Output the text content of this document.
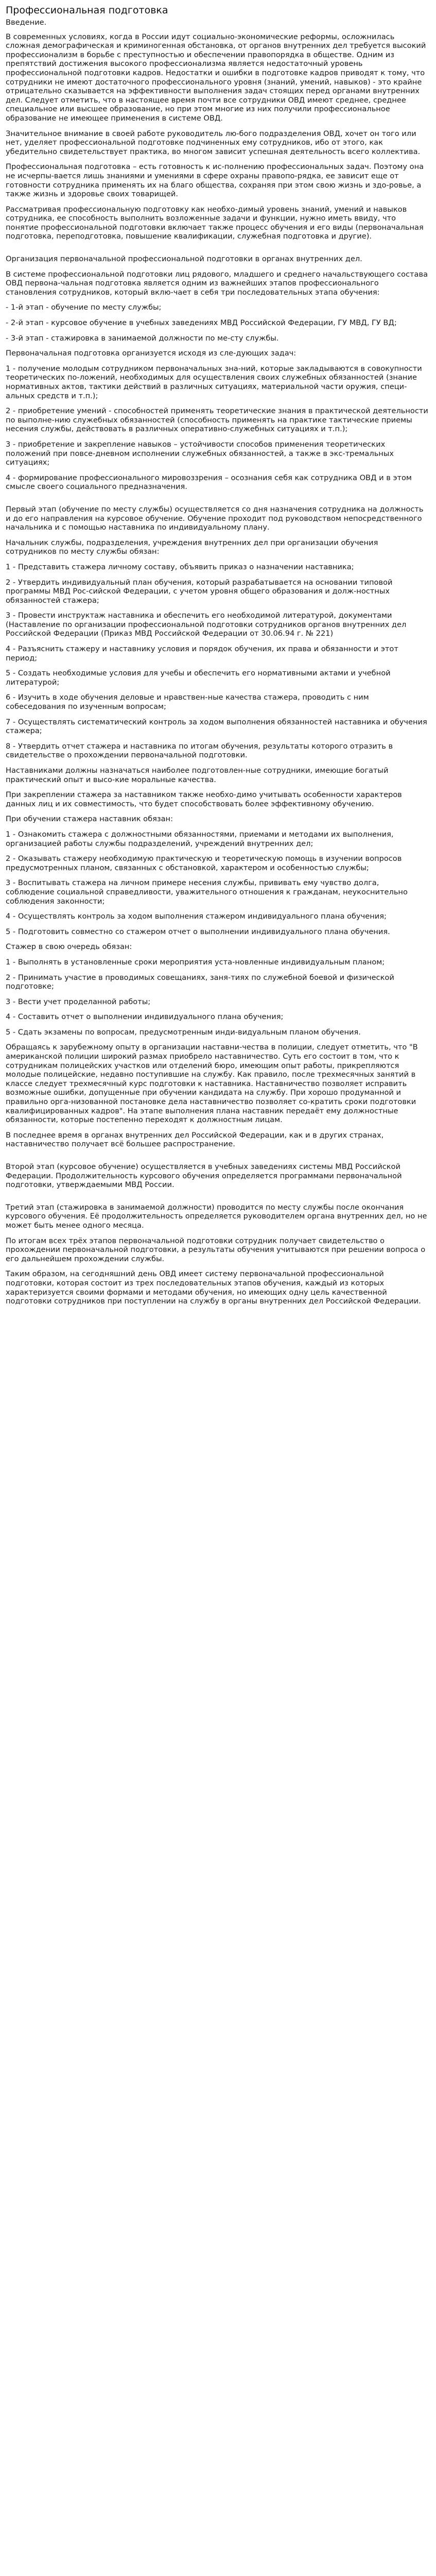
Профессиональная подготовка
Введение.

В современных условиях, когда в России идут социально-экономические реформы, осложнилась сложная демографическая и криминогенная обстановка, от органов внутренних дел требуется высокий профессионализм в борьбе с преступностью и обеспечении правопорядка в обществе. Одним из препятствий достижения высокого профессионализма является недостаточный уровень профессиональной подготовки кадров. Недостатки и ошибки в подготовке кадров приводят к тому, что сотрудники не имеют достаточного профессионального уровня (знаний, умений, навыков) - это крайне отрицательно сказывается на эффективности выполнения задач стоящих перед органами внутренних дел. Следует отметить, что в настоящее время почти все сотрудники ОВД имеют среднее, среднее специальное или высшее образование, но при этом многие из них получили профессиональное образование не имеющее применения в системе ОВД.

Значительное внимание в своей работе руководитель лю-бого подразделения ОВД, хочет он того или нет, уделяет профессиональной подготовке подчиненных ему сотрудников, ибо от этого, как убедительно свидетельствует практика, во многом зависит успешная деятельность всего коллектива.

Профессиональная подготовка – есть готовность к ис-полнению профессиональных задач. Поэтому она не исчерпы-вается лишь знаниями и умениями в сфере охраны правопо-рядка, ее зависит еще от готовности сотрудника применять их на благо общества, сохраняя при этом свою жизнь и здо-ровье, а также жизнь и здоровье своих товарищей.

Рассматривая профессиональную подготовку как необхо-димый уровень знаний, умений и навыков сотрудника, ее способность выполнить возложенные задачи и функции, нужно иметь ввиду, что понятие профессиональной подготовки включает также процесс обучения и его виды (первоначальная подготовка, переподготовка, повышение квалификации, служебная подготовка и другие).

Организация первоначальной профессиональной подготовки в органах внутренних дел.

В системе профессиональной подготовки лиц рядового, младшего и среднего начальствующего состава ОВД первона-чальная подготовка является одним из важнейших этапов профессионального становления сотрудников, который вклю-чает в себя три последовательных этапа обучения:

- 1-й этап - обучение по месту службы;

- 2-й этап - курсовое обучение в учебных заведениях МВД Российской Федерации, ГУ МВД, ГУ ВД;

- 3-й этап - стажировка в занимаемой должности по ме-сту службы.

Первоначальная подготовка организуется исходя из сле-дующих задач:

1 - получение молодым сотрудником первоначальных зна-ний, которые закладываются в совокупности теоретических по-ложений, необходимых для осуществления своих служебных обязанностей (знание нормативных актов, тактики действий в различных ситуациях, материальной части оружия, специ-альных средств и т.п.);

2 - приобретение умений - способностей применять теоретические знания в практической деятельности по выполне-нию служебных обязанностей (способность применять на практике тактические приемы несения службы, действовать в различных оперативно-служебных ситуациях и т.п.);

3 - приобретение и закрепление навыков – устойчивости способов применения теоретических положений при повсе-дневном исполнении служебных обязанностей, а также в экс-тремальных ситуациях;

4 - формирование профессионального мировоззрения – осознания себя как сотрудника ОВД и в этом смысле своего социального предназначения.

Первый этап (обучение по месту службы) осуществляется со дня назначения сотрудника на должность и до его направления на курсовое обучение. Обучение проходит под руководством непосредственного начальника и с помощью наставника по индивидуальному плану.

Начальник службы, подразделения, учреждения внутренних дел при организации обучения сотрудников по месту службы обязан:

1 - Представить стажера личному составу, объявить приказ о назначении наставника;

2 - Утвердить индивидуальный план обучения, который разрабатывается на основании типовой программы МВД Рос-сийской Федерации, с учетом уровня общего образования и долж-ностных обязанностей стажера;

3 - Провести инструктаж наставника и обеспечить его необходимой литературой, документами (Наставление по организации профессиональной подготовки сотрудников органов внутренних дел Российской Федерации (Приказ МВД Российской Федерации от 30.06.94 г. № 221)

4 - Разъяснить стажеру и наставнику условия и порядок обучения, их права и обязанности и этот период;

5 - Создать необходимые условия для учебы и обеспечить его нормативными актами и учебной литературой;

6 - Изучить в ходе обучения деловые и нравствен-ные качества стажера, проводить с ним собеседования по изученным вопросам;

7 - Осуществлять систематический контроль за ходом выполнения обязанностей наставника и обучения стажера;

8 - Утвердить отчет стажера и наставника по итогам обучения, результаты которого отразить в свидетельстве о прохождении первоначальной подготовки.

Наставниками должны назначаться наиболее подготовлен-ные сотрудники, имеющие богатый практический опыт и высо-кие моральные качества.

При закреплении стажера за наставником также необхо-димо учитывать особенности характеров данных лиц и их совместимость, что будет способствовать более эффективному обучению.

При обучении стажера наставник обязан:

1 - Ознакомить стажера с должностными обязанностями, приемами и методами их выполнения, организацией работы службы подразделений, учреждений внутренних дел;

2 - Оказывать стажеру необходимую практическую и теоретическую помощь в изучении вопросов предусмотренных планом, связанных с обстановкой, характером и особенностью службы;

3 - Воспитывать стажера на личном примере несения службы, прививать ему чувство долга, соблюдение социальной справедливости, уважительного отношения к гражданам, неукоснительно соблюдения законности;

4 - Осуществлять контроль за ходом выполнения стажером индивидуального плана обучения;

5 - Подготовить совместно со стажером отчет о выполнении индивидуального плана обучения.

Стажер в свою очередь обязан:

1 - Выполнять в установленные сроки мероприятия уста-новленные индивидуальным планом;

2 - Принимать участие в проводимых совещаниях, заня-тиях по служебной боевой и физической подготовке;

3 - Вести учет проделанной работы;

4 - Составить отчет о выполнении индивидуального плана обучения;

5 - Сдать экзамены по вопросам, предусмотренным инди-видуальным планом обучения.

Обращаясь к зарубежному опыту в организации наставни-чества в полиции, следует отметить, что "В американской полиции широкий размах приобрело наставничество. Суть его состоит в том, что к сотрудникам полицейских участков или отделений бюро, имеющим опыт работы, прикрепляются молодые полицейские, недавно поступившие на службу. Как правило, после трехмесячных занятий в классе следует трехмесячный курс подготовки к наставника. Наставничество позволяет исправить возможные ошибки, допущенные при обучении кандидата на службу. При хорошо продуманной и правильно орга-низованной постановке дела наставничество позволяет со-кратить сроки подготовки квалифицированных кадров". На этапе выполнения плана наставник передаёт ему должностные обязанности, которые постепенно переходят к должностным лицам.

В последнее время в органах внутренних дел Российской Федерации, как и в других странах, наставничество получает всё большее распространение.

Второй этап (курсовое обучение) осуществляется в учебных заведениях системы МВД Российской Федерации. Продолжительность курсового обучения определяется программами первоначальной подготовки, утверждаемыми МВД России.

Третий этап (стажировка в занимаемой должности) проводится по месту службы после окончания курсового обучения. Её продолжительность определяется руководителем органа внутренних дел, но не может быть менее одного месяца.

По итогам всех трёх этапов первоначальной подготовки сотрудник получает свидетельство о прохождении первоначальной подготовки, а результаты обучения учитываются при решении вопроса о его дальнейшем прохождении службы.

Таким образом, на сегодняшний день ОВД имеет систему первоначальной профессиональной подготовки, которая состоит из трех последовательных этапов обучения, каждый из которых характеризуется своими формами и методами обучения, но имеющих одну цель качественной подготовки сотрудников при поступлении на службу в органы внутренних дел Российской Федерации.
